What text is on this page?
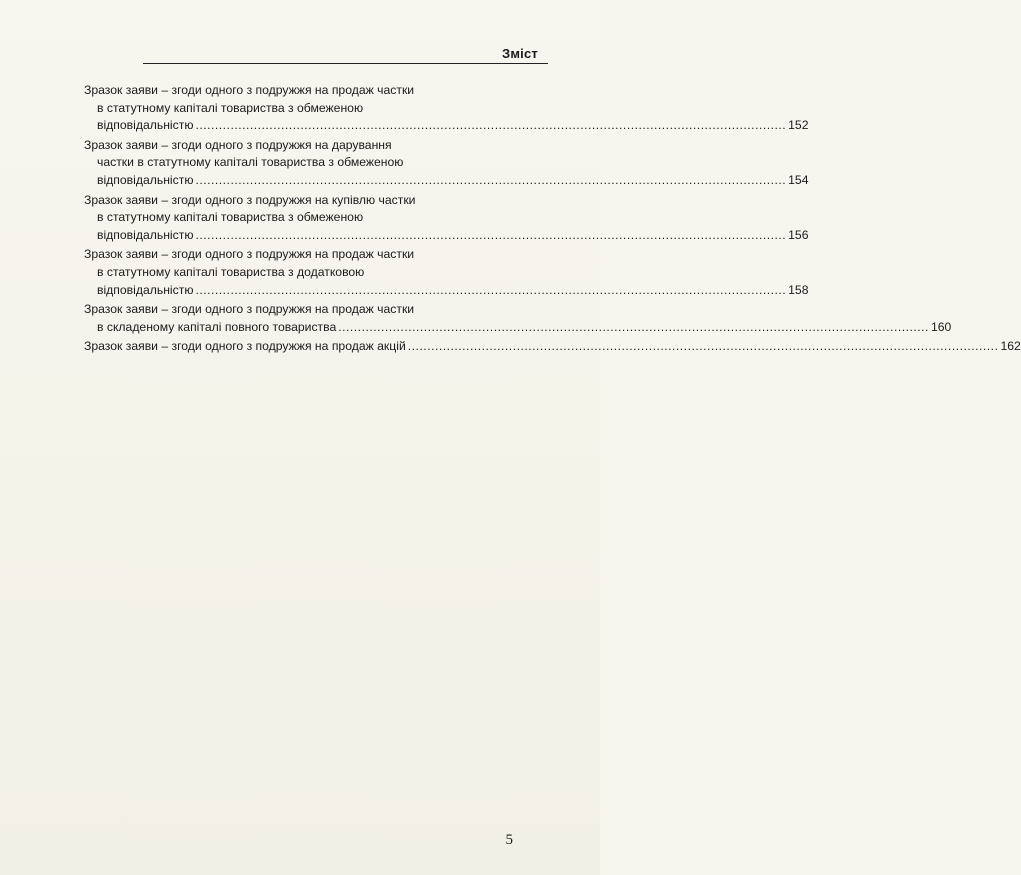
Зміст
Зразок заяви – згоди одного з подружжя на продаж частки
в статутному капіталі товариства з обмеженою
відповідальністю ........................................................................................................................................................ 152
Зразок заяви – згоди одного з подружжя на дарування
частки в статутному капіталі товариства з обмеженою
відповідальністю ........................................................................................................................................................ 154
Зразок заяви – згоди одного з подружжя на купівлю частки
в статутному капіталі товариства з обмеженою
відповідальністю ........................................................................................................................................................ 156
Зразок заяви – згоди одного з подружжя на продаж частки
в статутному капіталі товариства з додатковою
відповідальністю ........................................................................................................................................................ 158
Зразок заяви – згоди одного з подружжя на продаж частки
в складеному капіталі повного товариства ........................................................................................................................................................ 160
Зразок заяви – згоди одного з подружжя на продаж акцій ........................................................................................................................................................ 162
5
